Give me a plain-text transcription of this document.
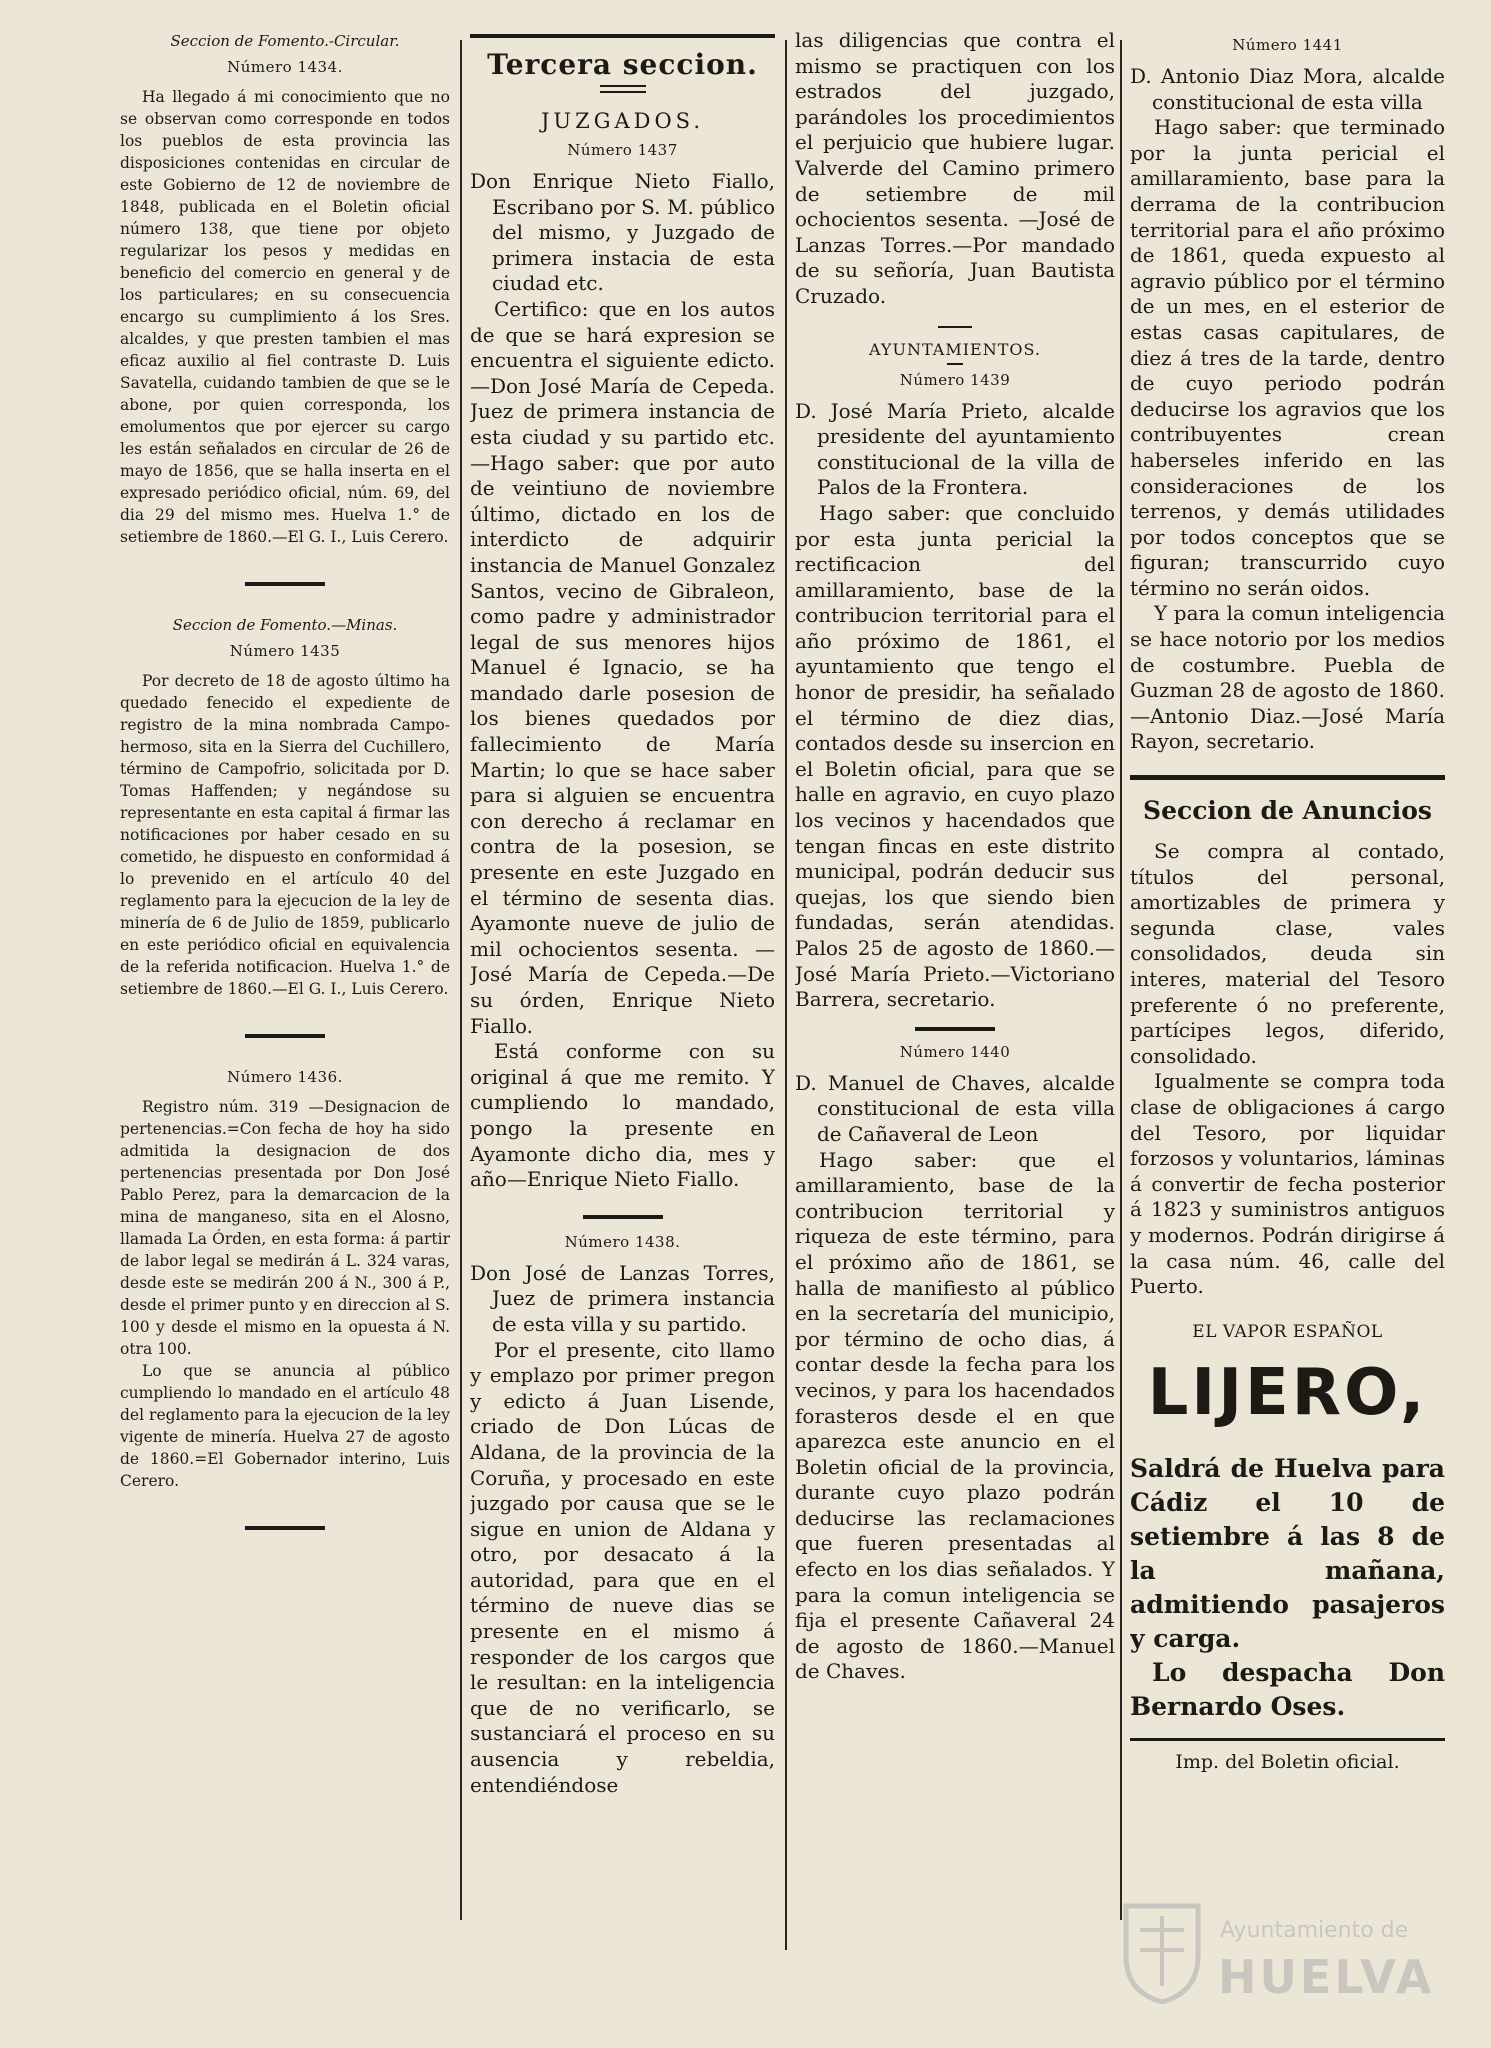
Seccion de Fomento.-Circular.
Número 1434.

Ha llegado á mi conocimiento que no se observan como corresponde en todos los pueblos de esta provincia las disposiciones contenidas en circular de este Gobierno de 12 de noviembre de 1848, publicada en el Boletin oficial número 138, que tiene por objeto regularizar los pesos y medidas en beneficio del comercio en general y de los particulares; en su consecuencia encargo su cumplimiento á los Sres. alcaldes, y que presten tambien el mas eficaz auxilio al fiel contraste D. Luis Savatella, cuidando tambien de que se le abone, por quien corresponda, los emolumentos que por ejercer su cargo les están señalados en circular de 26 de mayo de 1856, que se halla inserta en el expresado periódico oficial, núm. 69, del dia 29 del mismo mes. Huelva 1.° de setiembre de 1860.—El G. I., Luis Cerero.

Seccion de Fomento.—Minas.
Número 1435

Por decreto de 18 de agosto último ha quedado fenecido el expediente de registro de la mina nombrada Campo-hermoso, sita en la Sierra del Cuchillero, término de Campofrio, solicitada por D. Tomas Haffenden; y negándose su representante en esta capital á firmar las notificaciones por haber cesado en su cometido, he dispuesto en conformidad á lo prevenido en el artículo 40 del reglamento para la ejecucion de la ley de minería de 6 de Julio de 1859, publicarlo en este periódico oficial en equivalencia de la referida notificacion. Huelva 1.° de setiembre de 1860.—El G. I., Luis Cerero.

Número 1436.

Registro núm. 319 —Designacion de pertenencias.=Con fecha de hoy ha sido admitida la designacion de dos pertenencias presentada por Don José Pablo Perez, para la demarcacion de la mina de manganeso, sita en el Alosno, llamada La Órden, en esta forma: á partir de labor legal se medirán á L. 324 varas, desde este se medirán 200 á N., 300 á P., desde el primer punto y en direccion al S. 100 y desde el mismo en la opuesta á N. otra 100.

Lo que se anuncia al público cumpliendo lo mandado en el artículo 48 del reglamento para la ejecucion de la ley vigente de minería. Huelva 27 de agosto de 1860.=El Gobernador interino, Luis Cerero.

Tercera seccion.
JUZGADOS.
Número 1437

Don Enrique Nieto Fiallo, Escribano por S. M. público del mismo, y Juzgado de primera instacia de esta ciudad etc.

Certifico: que en los autos de que se hará expresion se encuentra el siguiente edicto. —Don José María de Cepeda. Juez de primera instancia de esta ciudad y su partido etc.—Hago saber: que por auto de veintiuno de noviembre último, dictado en los de interdicto de adquirir instancia de Manuel Gonzalez Santos, vecino de Gibraleon, como padre y administrador legal de sus menores hijos Manuel é Ignacio, se ha mandado darle posesion de los bienes quedados por fallecimiento de María Martin; lo que se hace saber para si alguien se encuentra con derecho á reclamar en contra de la posesion, se presente en este Juzgado en el término de sesenta dias. Ayamonte nueve de julio de mil ochocientos sesenta. —José María de Cepeda.—De su órden, Enrique Nieto Fiallo.

Está conforme con su original á que me remito. Y cumpliendo lo mandado, pongo la presente en Ayamonte dicho dia, mes y año—Enrique Nieto Fiallo.

Número 1438.

Don José de Lanzas Torres, Juez de primera instancia de esta villa y su partido.

Por el presente, cito llamo y emplazo por primer pregon y edicto á Juan Lisende, criado de Don Lúcas de Aldana, de la provincia de la Coruña, y procesado en este juzgado por causa que se le sigue en union de Aldana y otro, por desacato á la autoridad, para que en el término de nueve dias se presente en el mismo á responder de los cargos que le resultan: en la inteligencia que de no verificarlo, se sustanciará el proceso en su ausencia y rebeldia, entendiéndose

las diligencias que contra el mismo se practiquen con los estrados del juzgado, parándoles los procedimientos el perjuicio que hubiere lugar. Valverde del Camino primero de setiembre de mil ochocientos sesenta. —José de Lanzas Torres.—Por mandado de su señoría, Juan Bautista Cruzado.

AYUNTAMIENTOS.
Número 1439

D. José María Prieto, alcalde presidente del ayuntamiento constitucional de la villa de Palos de la Frontera.

Hago saber: que concluido por esta junta pericial la rectificacion del amillaramiento, base de la contribucion territorial para el año próximo de 1861, el ayuntamiento que tengo el honor de presidir, ha señalado el término de diez dias, contados desde su insercion en el Boletin oficial, para que se halle en agravio, en cuyo plazo los vecinos y hacendados que tengan fincas en este distrito municipal, podrán deducir sus quejas, los que siendo bien fundadas, serán atendidas. Palos 25 de agosto de 1860.—José María Prieto.—Victoriano Barrera, secretario.

Número 1440

D. Manuel de Chaves, alcalde constitucional de esta villa de Cañaveral de Leon

Hago saber: que el amillaramiento, base de la contribucion territorial y riqueza de este término, para el próximo año de 1861, se halla de manifiesto al público en la secretaría del municipio, por término de ocho dias, á contar desde la fecha para los vecinos, y para los hacendados forasteros desde el en que aparezca este anuncio en el Boletin oficial de la provincia, durante cuyo plazo podrán deducirse las reclamaciones que fueren presentadas al efecto en los dias señalados. Y para la comun inteligencia se fija el presente Cañaveral 24 de agosto de 1860.—Manuel de Chaves.

Número 1441

D. Antonio Diaz Mora, alcalde constitucional de esta villa

Hago saber: que terminado por la junta pericial el amillaramiento, base para la derrama de la contribucion territorial para el año próximo de 1861, queda expuesto al agravio público por el término de un mes, en el esterior de estas casas capitulares, de diez á tres de la tarde, dentro de cuyo periodo podrán deducirse los agravios que los contribuyentes crean haberseles inferido en las consideraciones de los terrenos, y demás utilidades por todos conceptos que se figuran; transcurrido cuyo término no serán oidos.

Y para la comun inteligencia se hace notorio por los medios de costumbre. Puebla de Guzman 28 de agosto de 1860. —Antonio Diaz.—José María Rayon, secretario.

Seccion de Anuncios

Se compra al contado, títulos del personal, amortizables de primera y segunda clase, vales consolidados, deuda sin interes, material del Tesoro preferente ó no preferente, partícipes legos, diferido, consolidado.

Igualmente se compra toda clase de obligaciones á cargo del Tesoro, por liquidar forzosos y voluntarios, láminas á convertir de fecha posterior á 1823 y suministros antiguos y modernos. Podrán dirigirse á la casa núm. 46, calle del Puerto.

EL VAPOR ESPAÑOL
LIJERO,

Saldrá de Huelva para Cádiz el 10 de setiembre á las 8 de la mañana, admitiendo pasajeros y carga.

Lo despacha Don Bernardo Oses.

Imp. del Boletin oficial.
Ayuntamiento de
HUELVA
